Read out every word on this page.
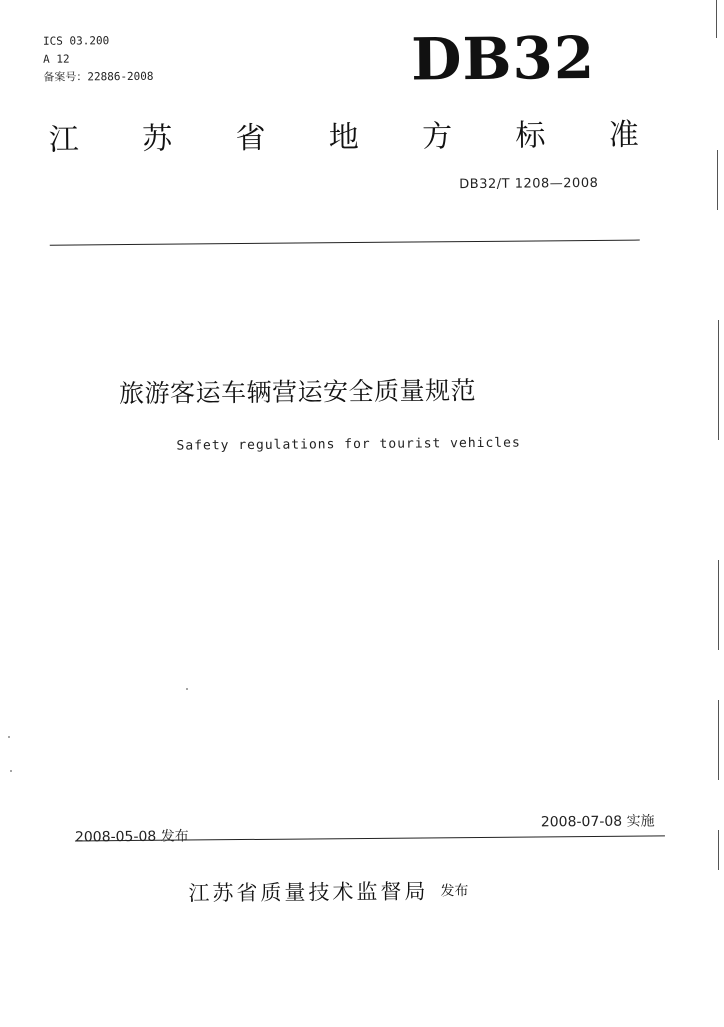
ICS 03.200
A 12
备案号：22886-2008	DB32
江 苏 省 地 方 标 准
DB32/T 1208—2008
旅游客运车辆营运安全质量规范
Safety regulations for tourist vehicles
2008-07-08 实施
2008-05-08 发布
江苏省质量技术监督局 发布
